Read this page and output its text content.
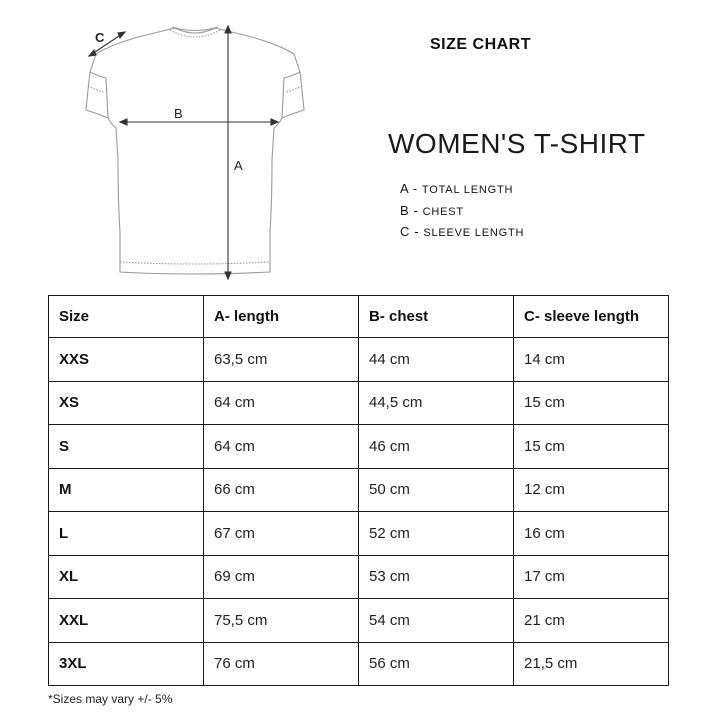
A
B
C	SIZE CHART
WOMEN'S T-SHIRT
A - TOTAL LENGTH
B - CHEST
C - SLEEVE LENGTH
Size	A- length	B- chest	C- sleeve length
XXS	63,5 cm	44 cm	14 cm
XS	64 cm	44,5 cm	15 cm
S	64 cm	46 cm	15 cm
M	66 cm	50 cm	12 cm
L	67 cm	52 cm	16 cm
XL	69 cm	53 cm	17 cm
XXL	75,5 cm	54 cm	21 cm
3XL	76 cm	56 cm	21,5 cm
*Sizes may vary +/- 5%
